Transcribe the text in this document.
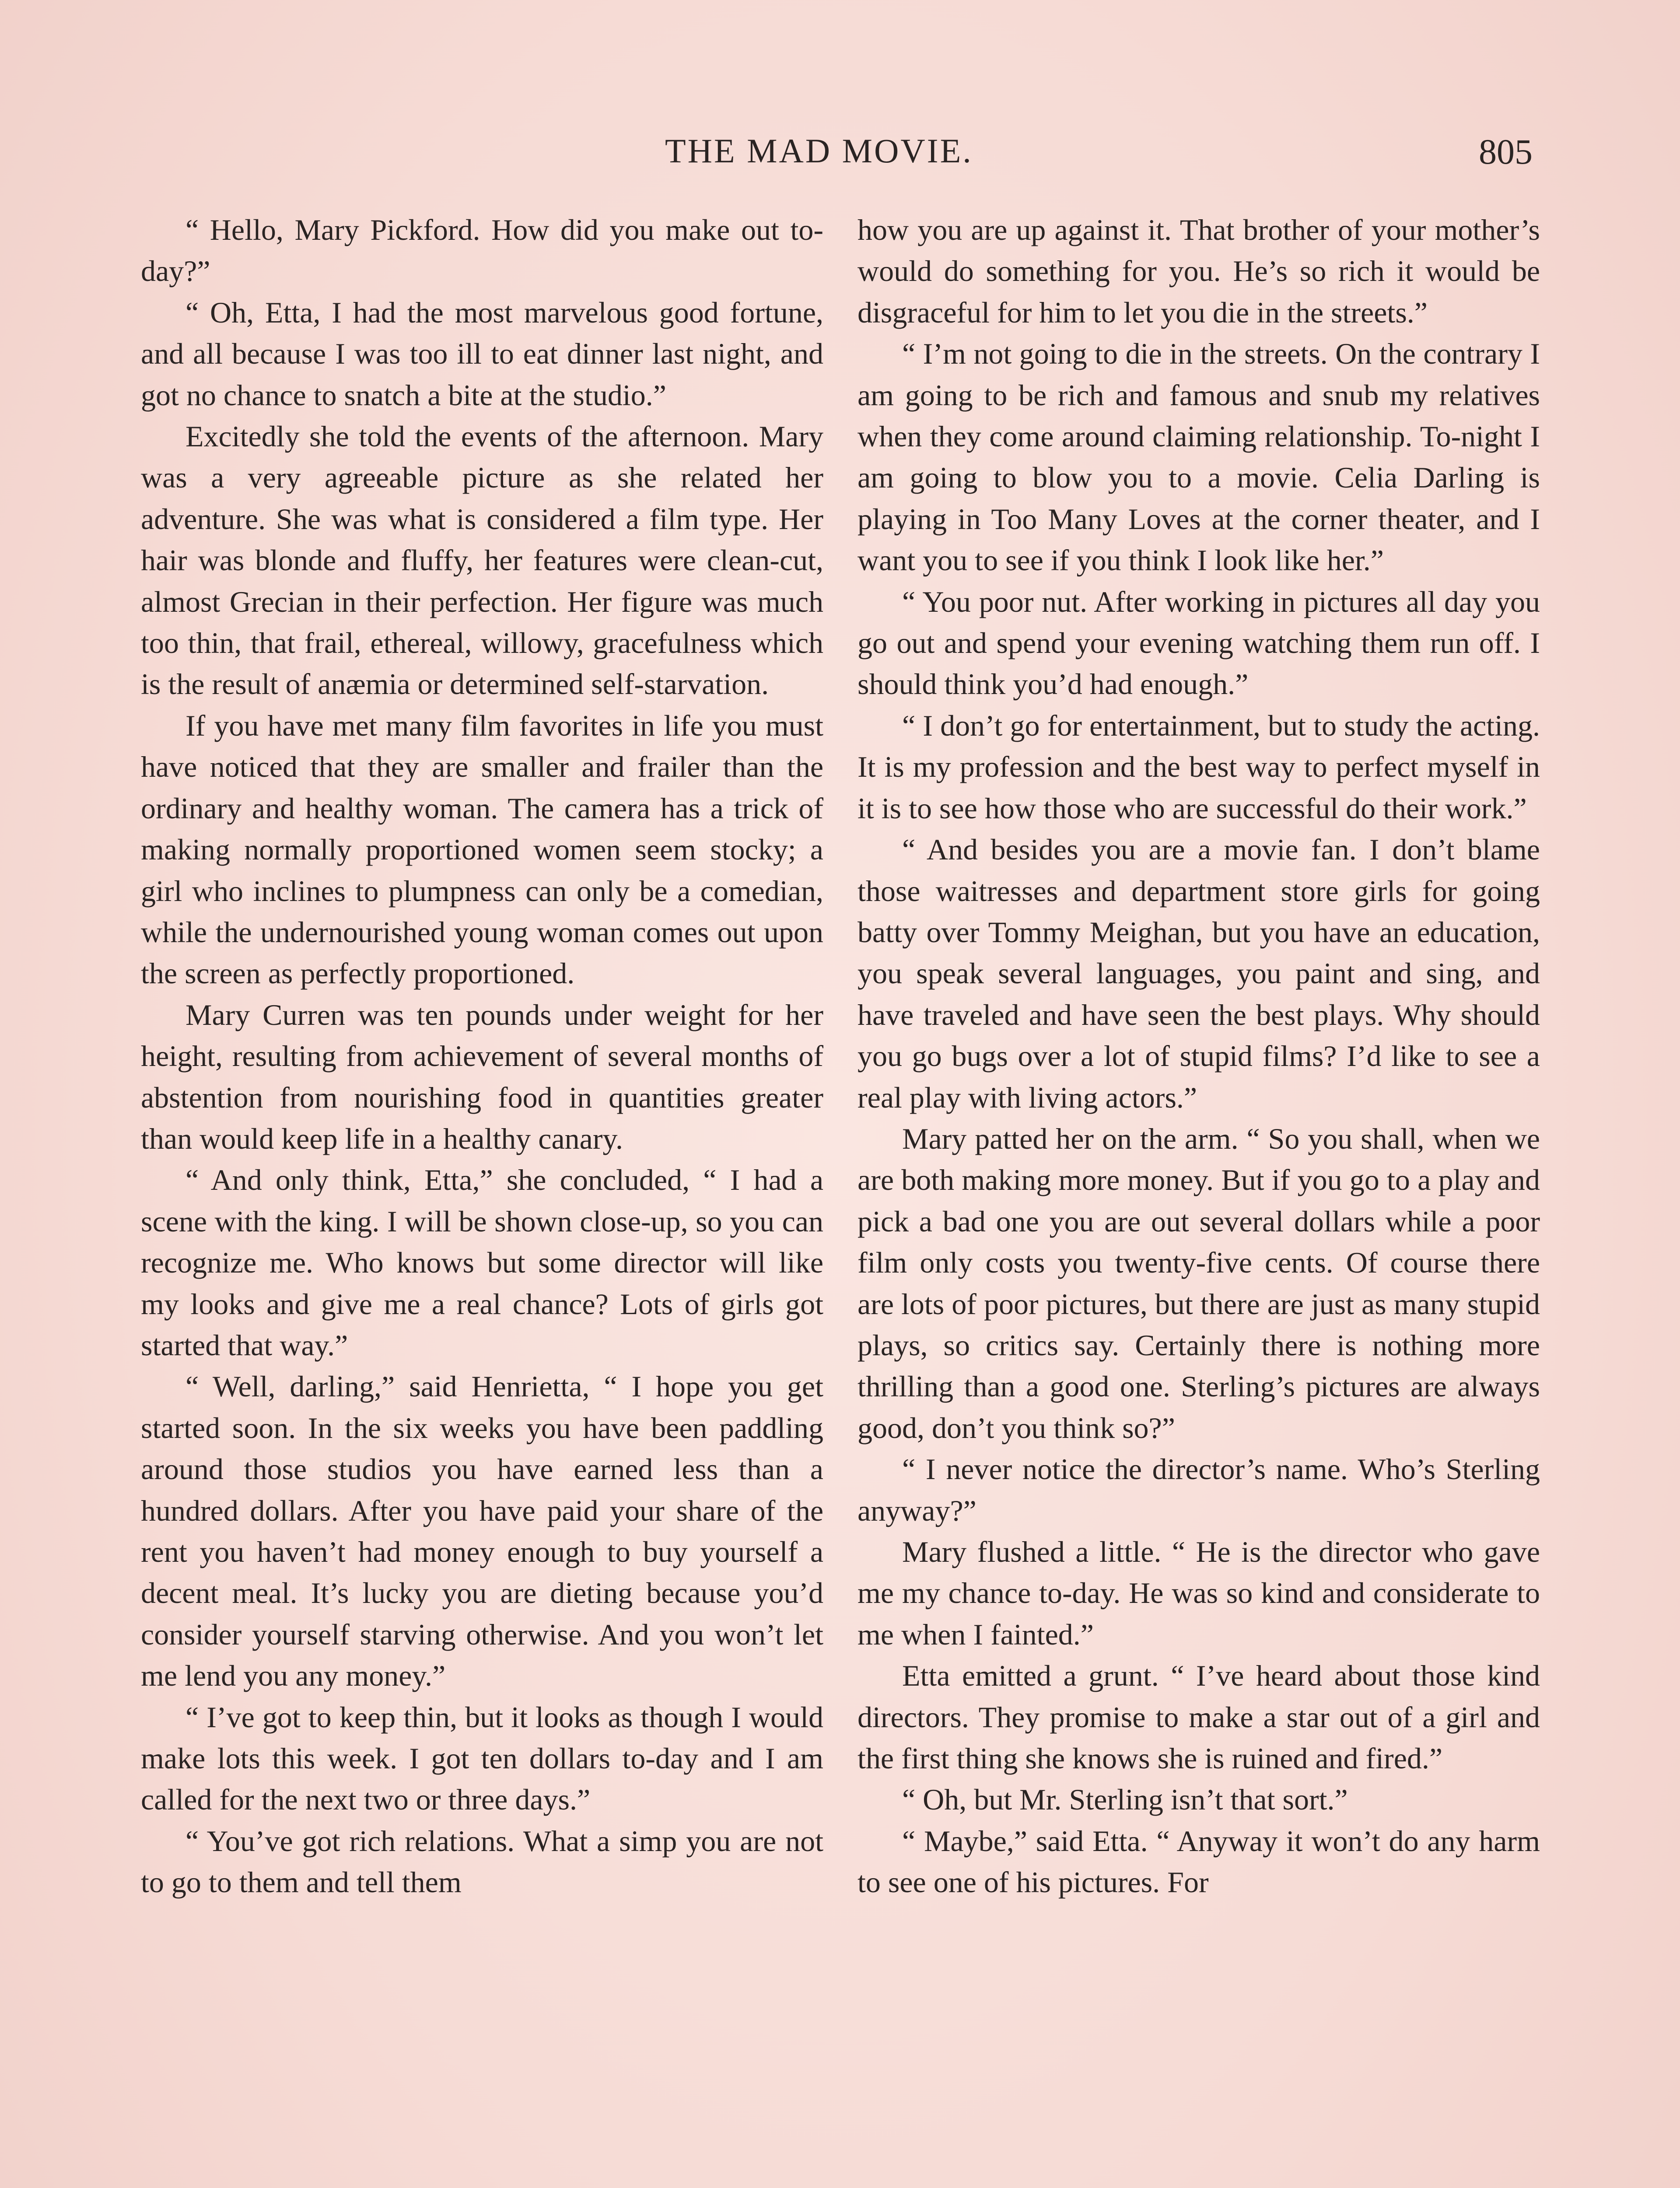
THE MAD MOVIE.	805

“ Hello, Mary Pickford. How did you make out to-day?”

“ Oh, Etta, I had the most marvelous good fortune, and all because I was too ill to eat dinner last night, and got no chance to snatch a bite at the studio.”

Excitedly she told the events of the afternoon. Mary was a very agreeable picture as she related her adventure. She was what is considered a film type. Her hair was blonde and fluffy, her features were clean-cut, almost Grecian in their perfection. Her figure was much too thin, that frail, ethereal, willowy, gracefulness which is the result of anæmia or determined self-starvation.

If you have met many film favorites in life you must have noticed that they are smaller and frailer than the ordinary and healthy woman. The camera has a trick of making normally proportioned women seem stocky; a girl who inclines to plumpness can only be a comedian, while the undernourished young woman comes out upon the screen as perfectly proportioned.

Mary Curren was ten pounds under weight for her height, resulting from achievement of several months of abstention from nourishing food in quantities greater than would keep life in a healthy canary.

“ And only think, Etta,” she concluded, “ I had a scene with the king. I will be shown close-up, so you can recognize me. Who knows but some director will like my looks and give me a real chance? Lots of girls got started that way.”

“ Well, darling,” said Henrietta, “ I hope you get started soon. In the six weeks you have been paddling around those studios you have earned less than a hundred dollars. After you have paid your share of the rent you haven’t had money enough to buy yourself a decent meal. It’s lucky you are dieting because you’d consider yourself starving otherwise. And you won’t let me lend you any money.”

“ I’ve got to keep thin, but it looks as though I would make lots this week. I got ten dollars to-day and I am called for the next two or three days.”

“ You’ve got rich relations. What a simp you are not to go to them and tell them

how you are up against it. That brother of your mother’s would do something for you. He’s so rich it would be disgraceful for him to let you die in the streets.”

“ I’m not going to die in the streets. On the contrary I am going to be rich and famous and snub my relatives when they come around claiming relationship. To-night I am going to blow you to a movie. Celia Darling is playing in Too Many Loves at the corner theater, and I want you to see if you think I look like her.”

“ You poor nut. After working in pictures all day you go out and spend your evening watching them run off. I should think you’d had enough.”

“ I don’t go for entertainment, but to study the acting. It is my profession and the best way to perfect myself in it is to see how those who are successful do their work.”

“ And besides you are a movie fan. I don’t blame those waitresses and department store girls for going batty over Tommy Meighan, but you have an education, you speak several languages, you paint and sing, and have traveled and have seen the best plays. Why should you go bugs over a lot of stupid films? I’d like to see a real play with living actors.”

Mary patted her on the arm. “ So you shall, when we are both making more money. But if you go to a play and pick a bad one you are out several dollars while a poor film only costs you twenty-five cents. Of course there are lots of poor pictures, but there are just as many stupid plays, so critics say. Certainly there is nothing more thrilling than a good one. Sterling’s pictures are always good, don’t you think so?”

“ I never notice the director’s name. Who’s Sterling anyway?”

Mary flushed a little. “ He is the director who gave me my chance to-day. He was so kind and considerate to me when I fainted.”

Etta emitted a grunt. “ I’ve heard about those kind directors. They promise to make a star out of a girl and the first thing she knows she is ruined and fired.”

“ Oh, but Mr. Sterling isn’t that sort.”

“ Maybe,” said Etta. “ Anyway it won’t do any harm to see one of his pictures. For
